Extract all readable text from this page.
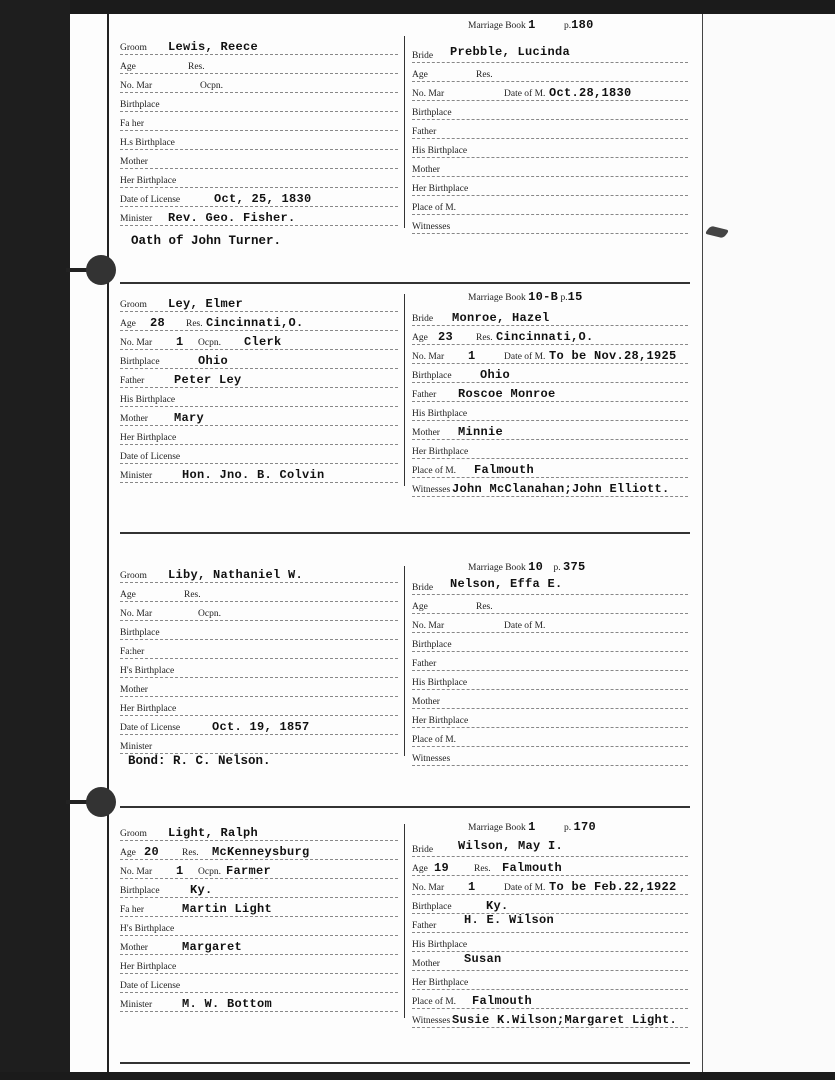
Groom Lewis, Reece
Age	Res.
No. Mar	Ocpn.
Birthplace
Fa her
H.s Birthplace
Mother
Her Birthplace
Date of License	Oct, 25, 1830
Minister Rev. Geo. Fisher.
Marriage Book 1	p.180
Bride Prebble, Lucinda
Age	Res.
No. Mar	Date of M. Oct.28,1830
Birthplace
Father
His Birthplace
Mother
Her Birthplace
Place of M.
Witnesses
Oath of John Turner.
Groom Ley, Elmer
Age 28 Res. Cincinnati,O.
No. Mar 1 Ocpn. Clerk
Birthplace	Ohio
Father Peter Ley
His Birthplace
Mother Mary
Her Birthplace
Date of License
Minister Hon. Jno. B. Colvin
Marriage Book 10-B p.15
Bride Monroe, Hazel
Age 23 Res. Cincinnati,O.
No. Mar 1	Date of M. To be Nov.28,1925
Birthplace Ohio
Father Roscoe Monroe
His Birthplace
Mother Minnie
Her Birthplace
Place of M. Falmouth
Witnesses John McClanahan;John Elliott.
Groom Liby, Nathaniel W.
Age	Res.
No. Mar	Ocpn.
Birthplace
Fa:her
H's Birthplace
Mother
Her Birthplace
Date of License	Oct. 19, 1857
Minister
Marriage Book 10 p. 375
Bride Nelson, Effa E.
Age	Res.
No. Mar	Date of M.
Birthplace
Father
His Birthplace
Mother
Her Birthplace
Place of M.
Witnesses
Bond: R. C. Nelson.
Groom Light, Ralph
Age 20 Res. McKenneysburg
No. Mar 1 Ocpn. Farmer
Birthplace	Ky.
Fa her	Martin Light
H's Birthplace
Mother	Margaret
Her Birthplace
Date of License
Minister M. W. Bottom
Marriage Book 1	p. 170
Bride Wilson, May I.
Age 19	Res. Falmouth
No. Mar 1	Date of M. To be Feb.22,1922
Birthplace	Ky.
Father H. E. Wilson
His Birthplace
Mother Susan
Her Birthplace
Place of M. Falmouth
Witnesses Susie K.Wilson;Margaret Light.
